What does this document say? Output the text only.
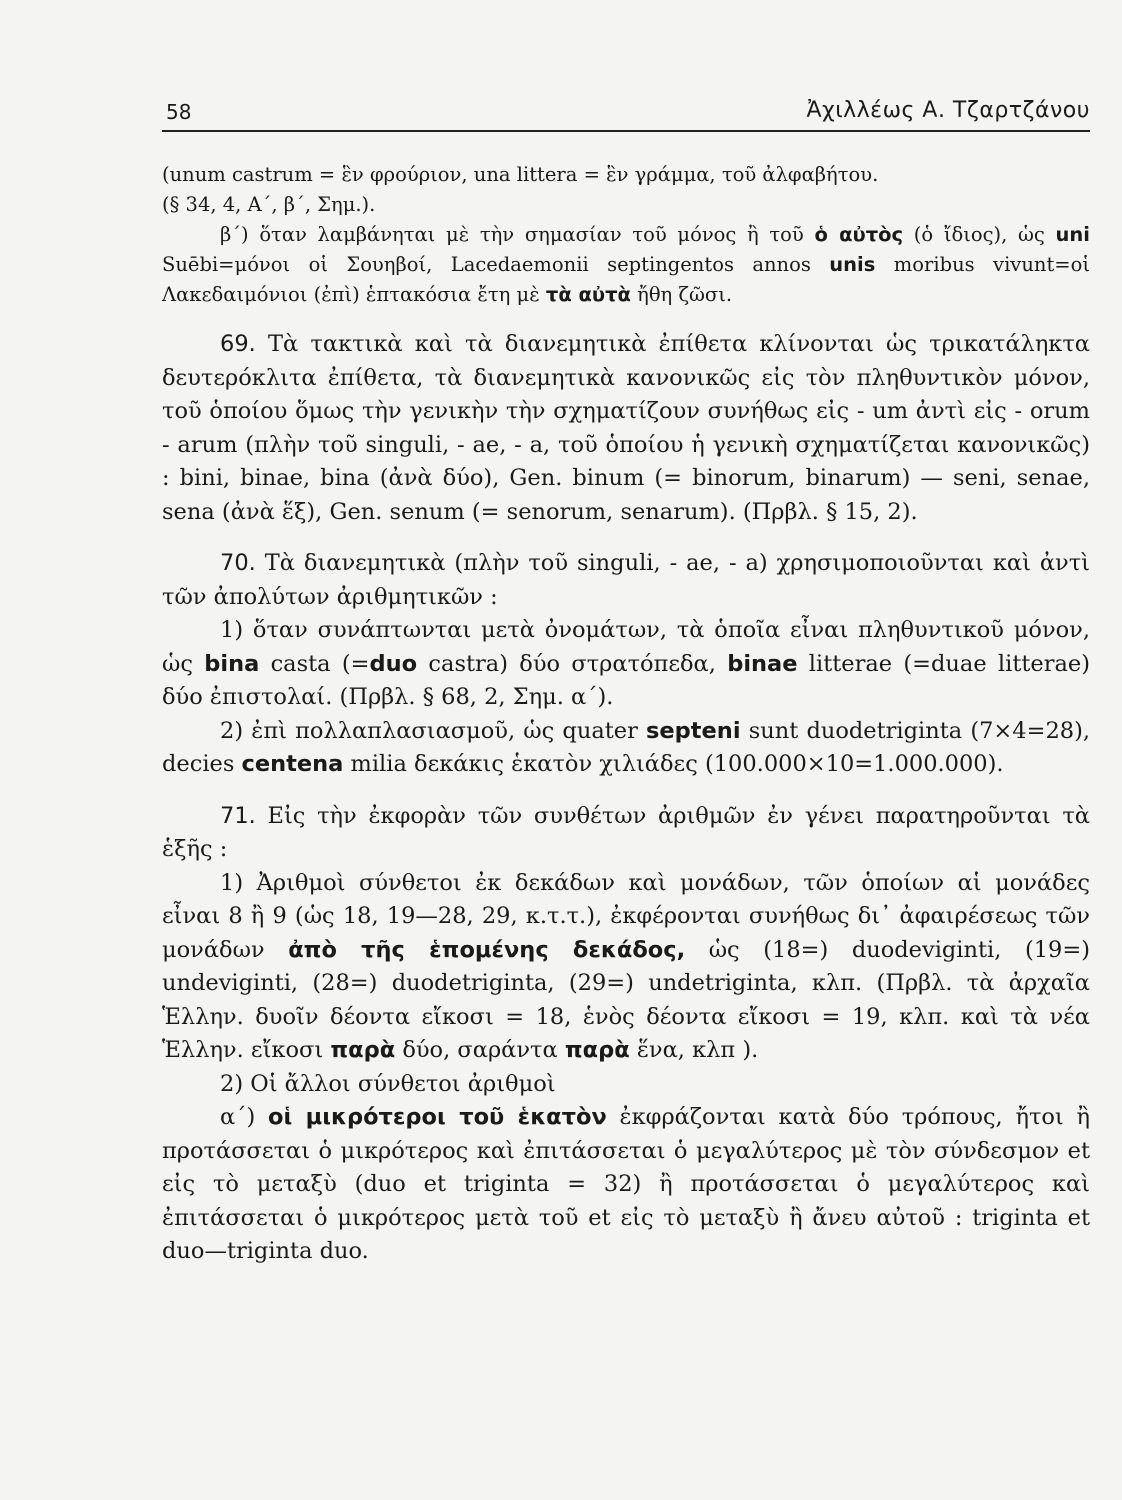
58	Ἀχιλλέως Α. Τζαρτζάνου

(unum castrum = ἓν φρούριον, una littera = ἓν γράμμα, τοῦ ἀλφαβήτου.

(§ 34, 4, Α΄, β΄, Σημ.).

β΄) ὅταν λαμβάνηται μὲ τὴν σημασίαν τοῦ μόνος ἢ τοῦ ὁ αὐτὸς (ὁ ἴδιος), ὡς uni Suēbi=μόνοι οἱ Σουηβοί, Lacedaemonii septingentos annos unis moribus vivunt=οἱ Λακεδαιμόνιοι (ἐπὶ) ἑπτακόσια ἔτη μὲ τὰ αὐτὰ ἤθη ζῶσι.

69. Τὰ τακτικὰ καὶ τὰ διανεμητικὰ ἐπίθετα κλίνονται ὡς τρικατάληκτα δευτερόκλιτα ἐπίθετα, τὰ διανεμητικὰ κανονικῶς εἰς τὸν πληθυντικὸν μόνον, τοῦ ὁποίου ὅμως τὴν γενικὴν τὴν σχηματίζουν συνήθως εἰς - um ἀντὶ εἰς - orum - arum (πλὴν τοῦ singuli, - ae, - a, τοῦ ὁποίου ἡ γενικὴ σχηματίζεται κανονικῶς) : bini, binae, bina (ἀνὰ δύο), Gen. binum (= binorum, binarum) — seni, senae, sena (ἀνὰ ἕξ), Gen. senum (= senorum, senarum). (Πρβλ. § 15, 2).

70. Τὰ διανεμητικὰ (πλὴν τοῦ singuli, - ae, - a) χρησιμοποιοῦνται καὶ ἀντὶ τῶν ἀπολύτων ἀριθμητικῶν :

1) ὅταν συνάπτωνται μετὰ ὀνομάτων, τὰ ὁποῖα εἶναι πληθυντικοῦ μόνον, ὡς bina casta (=duo castra) δύο στρατόπεδα, binae litterae (=duae litterae) δύο ἐπιστολαί. (Πρβλ. § 68, 2, Σημ. α΄).

2) ἐπὶ πολλαπλασιασμοῦ, ὡς quater septeni sunt duodetriginta (7×4=28), decies centena milia δεκάκις ἑκατὸν χιλιάδες (100.000×10=1.000.000).

71. Εἰς τὴν ἐκφορὰν τῶν συνθέτων ἀριθμῶν ἐν γένει παρατηροῦνται τὰ ἑξῆς :

1) Ἀριθμοὶ σύνθετοι ἐκ δεκάδων καὶ μονάδων, τῶν ὁποίων αἱ μονάδες εἶναι 8 ἢ 9 (ὡς 18, 19—28, 29, κ.τ.τ.), ἐκφέρονται συνήθως δι᾿ ἀφαιρέσεως τῶν μονάδων ἀπὸ τῆς ἑπομένης δεκάδος, ὡς (18=) duodeviginti, (19=) undeviginti, (28=) duodetriginta, (29=) undetriginta, κλπ. (Πρβλ. τὰ ἀρχαῖα Ἑλλην. δυοῖν δέοντα εἴκοσι = 18, ἑνὸς δέοντα εἴκοσι = 19, κλπ. καὶ τὰ νέα Ἑλλην. εἴκοσι παρὰ δύο, σαράντα παρὰ ἕνα, κλπ ).

2) Οἱ ἄλλοι σύνθετοι ἀριθμοὶ

α΄) οἱ μικρότεροι τοῦ ἑκατὸν ἐκφράζονται κατὰ δύο τρόπους, ἤτοι ἢ προτάσσεται ὁ μικρότερος καὶ ἐπιτάσσεται ὁ μεγαλύτερος μὲ τὸν σύνδεσμον et εἰς τὸ μεταξὺ (duo et triginta = 32) ἢ προτάσσεται ὁ μεγαλύτερος καὶ ἐπιτάσσεται ὁ μικρότερος μετὰ τοῦ et εἰς τὸ μεταξὺ ἢ ἄνευ αὐτοῦ : triginta et duo—triginta duo.
